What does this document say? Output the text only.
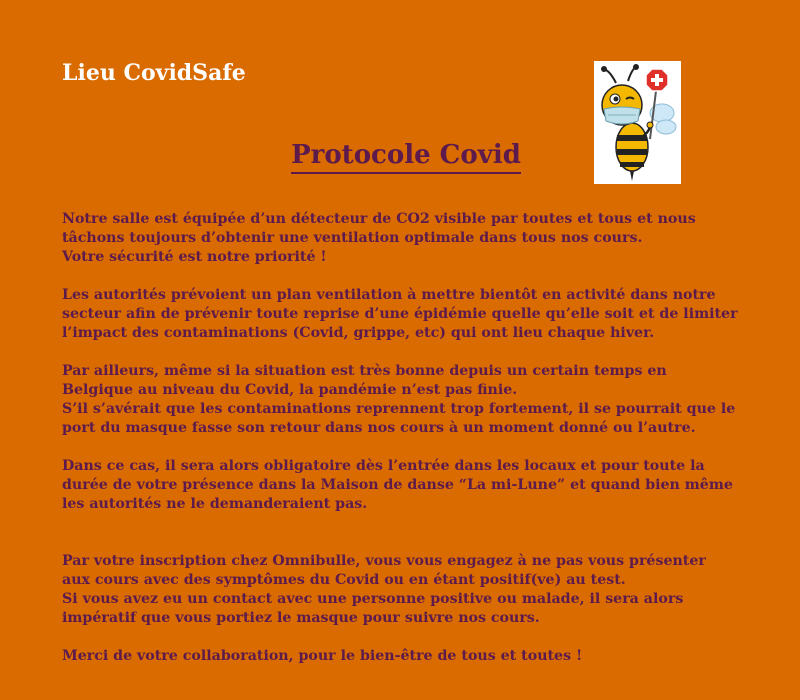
Lieu CovidSafe
Protocole Covid

Notre salle est équipée d’un détecteur de CO2 visible par toutes et tous et nous
tâchons toujours d’obtenir une ventilation optimale dans tous nos cours.
Votre sécurité est notre priorité !

Les autorités prévoient un plan ventilation à mettre bientôt en activité dans notre
secteur afin de prévenir toute reprise d’une épidémie quelle qu’elle soit et de limiter
l’impact des contaminations (Covid, grippe, etc) qui ont lieu chaque hiver.

Par ailleurs, même si la situation est très bonne depuis un certain temps en
Belgique au niveau du Covid, la pandémie n’est pas finie.
S’il s’avérait que les contaminations reprennent trop fortement, il se pourrait que le
port du masque fasse son retour dans nos cours à un moment donné ou l’autre.

Dans ce cas, il sera alors obligatoire dès l’entrée dans les locaux et pour toute la
durée de votre présence dans la Maison de danse “La mi-Lune” et quand bien même
les autorités ne le demanderaient pas.

Par votre inscription chez Omnibulle, vous vous engagez à ne pas vous présenter
aux cours avec des symptômes du Covid ou en étant positif(ve) au test.
Si vous avez eu un contact avec une personne positive ou malade, il sera alors
impératif que vous portiez le masque pour suivre nos cours.

Merci de votre collaboration, pour le bien-être de tous et toutes !
